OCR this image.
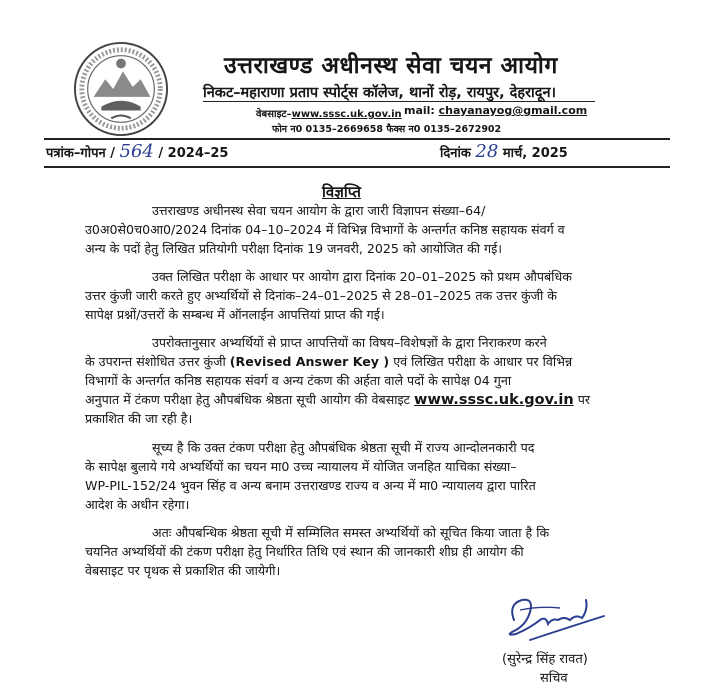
उत्तराखण्ड अधीनस्थ सेवा चयन आयोग
निकट–महाराणा प्रताप स्पोर्ट्स कॉलेज, थानों रोड़, रायपुर, देहरादून।
वेबसाइट–www.sssc.uk.gov.in mail: chayanayog@gmail.com
फोन न0 0135–2669658 फैक्स न0 0135–2672902
पत्रांक–गोपन / 564 / 2024–25	दिनांक 28 मार्च, 2025
विज्ञप्ति
उत्तराखण्ड अधीनस्थ सेवा चयन आयोग के द्वारा जारी विज्ञापन संख्या–64/
उ0अ0से0च0आ0/2024 दिनांक 04–10–2024 में विभिन्न विभागों के अन्तर्गत कनिष्ठ सहायक संवर्ग व
अन्य के पदों हेतु लिखित प्रतियोगी परीक्षा दिनांक 19 जनवरी, 2025 को आयोजित की गई।
उक्त लिखित परीक्षा के आधार पर आयोग द्वारा दिनांक 20–01–2025 को प्रथम औपबंधिक
उत्तर कुंजी जारी करते हुए अभ्यर्थियों से दिनांक–24–01–2025 से 28–01–2025 तक उत्तर कुंजी के
सापेक्ष प्रश्नों/उत्तरों के सम्बन्ध में ऑनलाईन आपत्तियां प्राप्त की गई।
उपरोक्तानुसार अभ्यर्थियों से प्राप्त आपत्तियों का विषय–विशेषज्ञों के द्वारा निराकरण करने
के उपरान्त संशोधित उत्तर कुंजी (Revised Answer Key ) एवं लिखित परीक्षा के आधार पर विभिन्न
विभागों के अन्तर्गत कनिष्ठ सहायक संवर्ग व अन्य टंकण की अर्हता वाले पदों के सापेक्ष 04 गुना
अनुपात में टंकण परीक्षा हेतु औपबंधिक श्रेष्ठता सूची आयोग की वेबसाइट www.sssc.uk.gov.in पर
प्रकाशित की जा रही है।
सूच्य है कि उक्त टंकण परीक्षा हेतु औपबंधिक श्रेष्ठता सूची में राज्य आन्दोलनकारी पद
के सापेक्ष बुलाये गये अभ्यर्थियों का चयन मा0 उच्च न्यायालय में योजित जनहित याचिका संख्या–
WP-PIL-152/24 भुवन सिंह व अन्य बनाम उत्तराखण्ड राज्य व अन्य में मा0 न्यायालय द्वारा पारित
आदेश के अधीन रहेगा।
अतः औपबन्धिक श्रेष्ठता सूची में सम्मिलित समस्त अभ्यर्थियों को सूचित किया जाता है कि
चयनित अभ्यर्थियों की टंकण परीक्षा हेतु निर्धारित तिथि एवं स्थान की जानकारी शीघ्र ही आयोग की
वेबसाइट पर पृथक से प्रकाशित की जायेगी।
(सुरेन्द्र सिंह रावत)
सचिव
